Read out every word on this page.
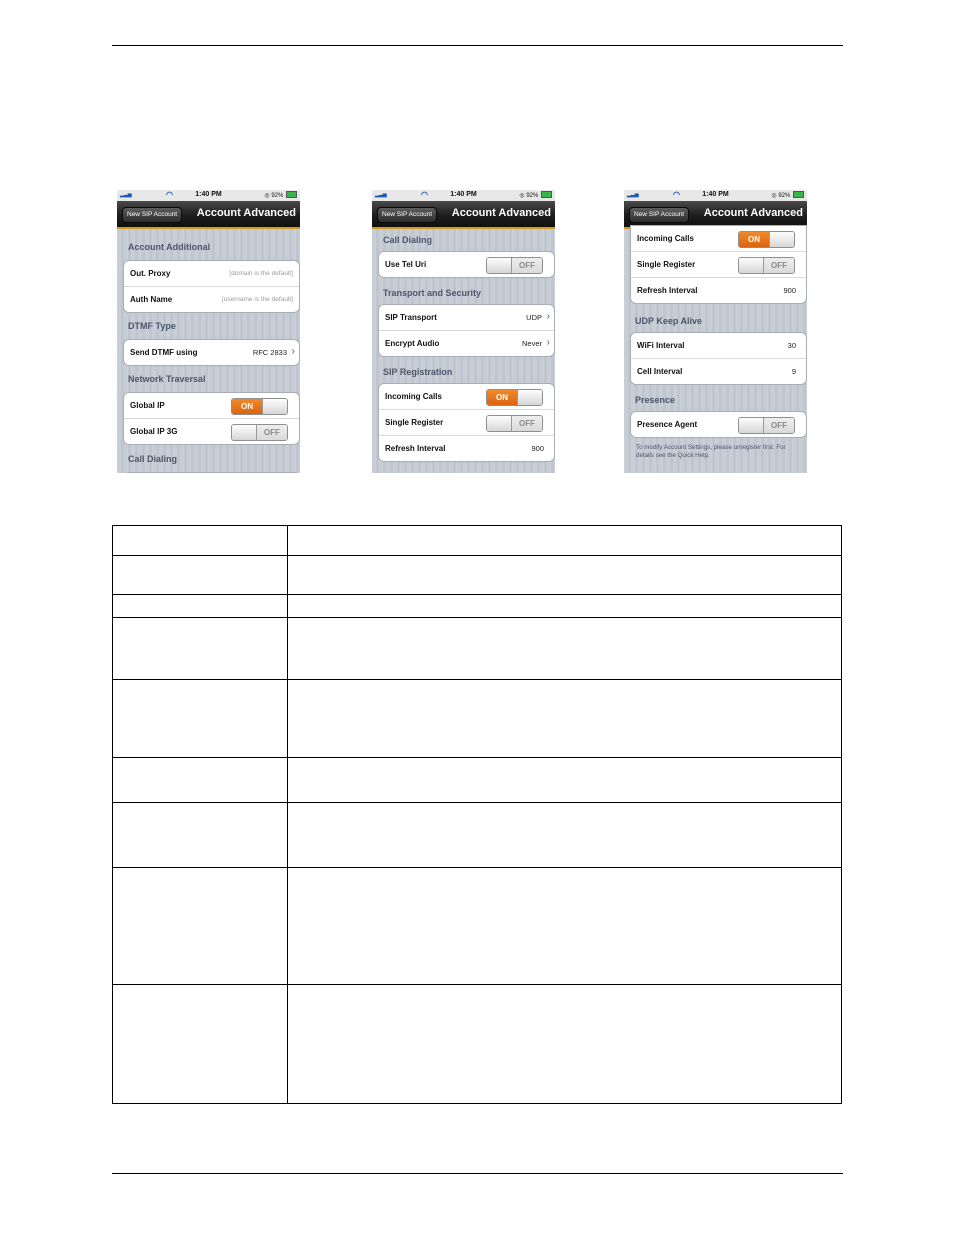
▂▃▅	◠	1:40 PM	◎ 92%
New SIP Account	Account Advanced
Account Additional
Out. Proxy	[domain is the default]
Auth Name	[username is the default]
DTMF Type
Send DTMF using	RFC 2833 ›
Network Traversal
Global IP	ON
Global IP 3G	OFF
Call Dialing
▂▃▅	◠	1:40 PM	◎ 92%
New SIP Account	Account Advanced
Call Dialing
Use Tel Uri	OFF
Transport and Security
SIP Transport	UDP ›
Encrypt Audio	Never ›
SIP Registration
Incoming Calls	ON
Single Register	OFF
Refresh Interval	900
▂▃▅	◠	1:40 PM	◎ 92%
New SIP Account	Account Advanced
Incoming Calls	ON
Single Register	OFF
Refresh Interval	900
UDP Keep Alive
WiFi Interval	30
Cell Interval	9
Presence
Presence Agent	OFF
To modify Account Settings, please unregister first. For details see the Quick Help.
